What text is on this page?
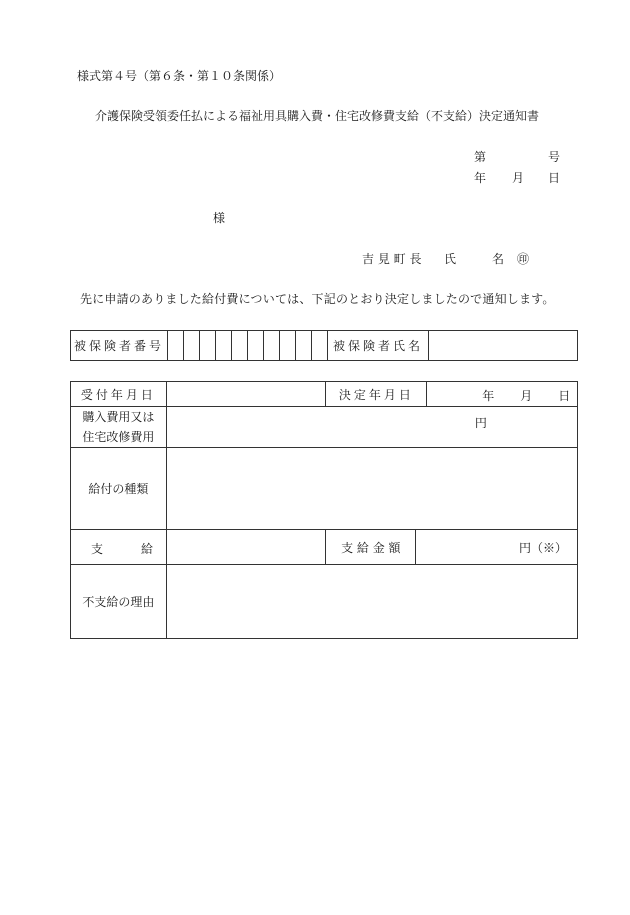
様式第４号（第６条・第１０条関係）
介護保険受領委任払による福祉用具購入費・住宅改修費支給（不支給）決定通知書
第	号
年 月 日
様
吉 見 町 長 氏	名 ㊞
先に申請のありました給付費については、下記のとおり決定しましたので通知します。
被保険者番号											被保険者氏名	
受付年月日		決定年月日		年 月 日

購入費用又は
住宅改修費用	円			

給付の種類				

支 給		支 給 金 額	円（※）	
不支給の理由				
